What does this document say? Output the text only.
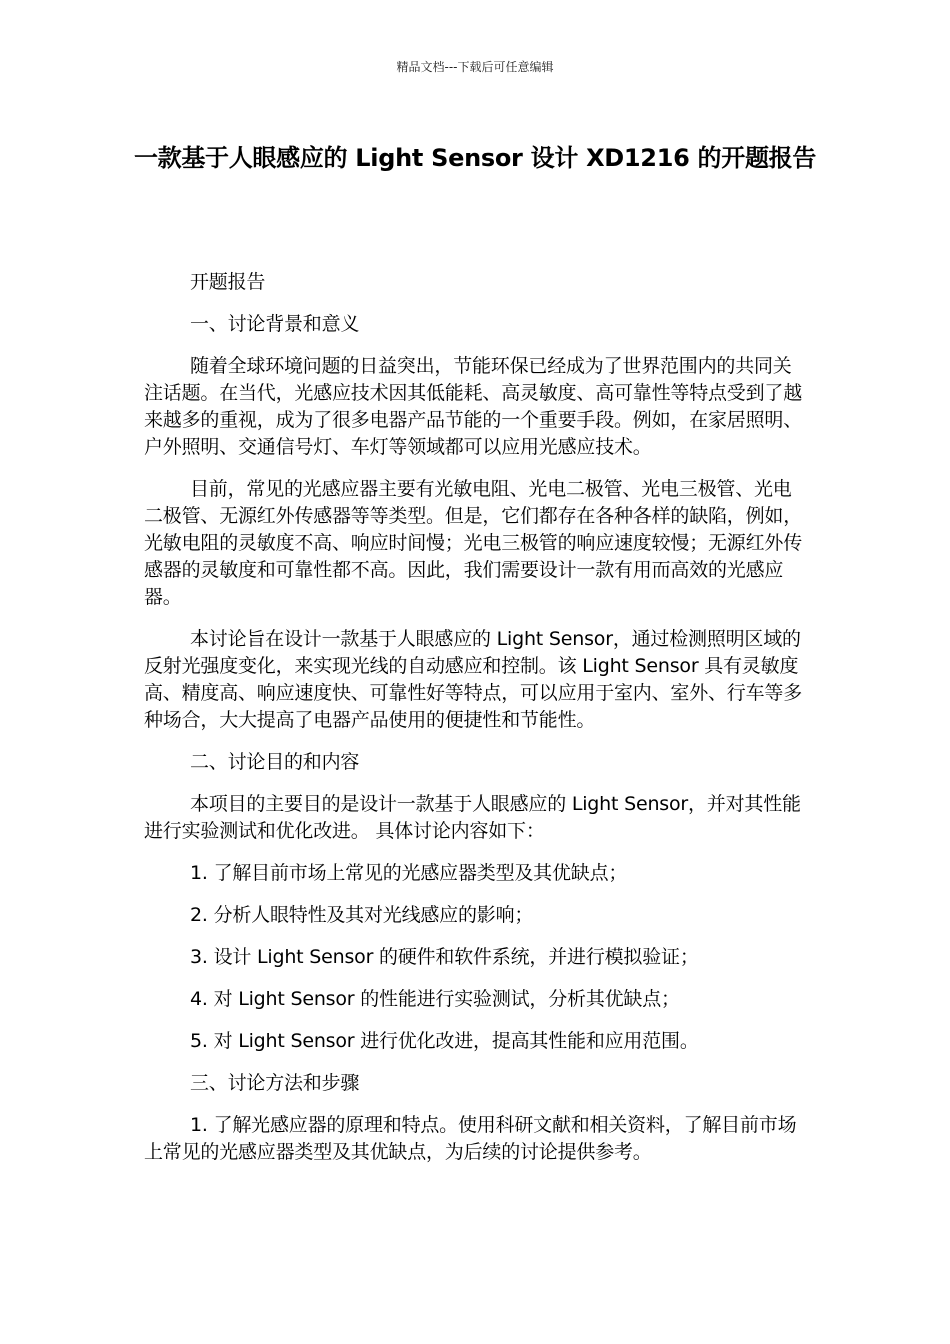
精品文档---下载后可任意编辑
一款基于人眼感应的 Light Sensor 设计 XD1216 的开题报告

开题报告

一、讨论背景和意义

随着全球环境问题的日益突出，节能环保已经成为了世界范围内的共同关注话题。在当代，光感应技术因其低能耗、高灵敏度、高可靠性等特点受到了越来越多的重视，成为了很多电器产品节能的一个重要手段。例如，在家居照明、户外照明、交通信号灯、车灯等领域都可以应用光感应技术。

目前，常见的光感应器主要有光敏电阻、光电二极管、光电三极管、光电二极管、无源红外传感器等等类型。但是，它们都存在各种各样的缺陷，例如，光敏电阻的灵敏度不高、响应时间慢；光电三极管的响应速度较慢；无源红外传感器的灵敏度和可靠性都不高。因此，我们需要设计一款有用而高效的光感应器。

本讨论旨在设计一款基于人眼感应的 Light Sensor，通过检测照明区域的反射光强度变化，来实现光线的自动感应和控制。该 Light Sensor 具有灵敏度高、精度高、响应速度快、可靠性好等特点，可以应用于室内、室外、行车等多种场合，大大提高了电器产品使用的便捷性和节能性。

二、讨论目的和内容

本项目的主要目的是设计一款基于人眼感应的 Light Sensor，并对其性能进行实验测试和优化改进。 具体讨论内容如下：

1. 了解目前市场上常见的光感应器类型及其优缺点；

2. 分析人眼特性及其对光线感应的影响；

3. 设计 Light Sensor 的硬件和软件系统，并进行模拟验证；

4. 对 Light Sensor 的性能进行实验测试，分析其优缺点；

5. 对 Light Sensor 进行优化改进，提高其性能和应用范围。

三、讨论方法和步骤

1. 了解光感应器的原理和特点。使用科研文献和相关资料，了解目前市场上常见的光感应器类型及其优缺点，为后续的讨论提供参考。
